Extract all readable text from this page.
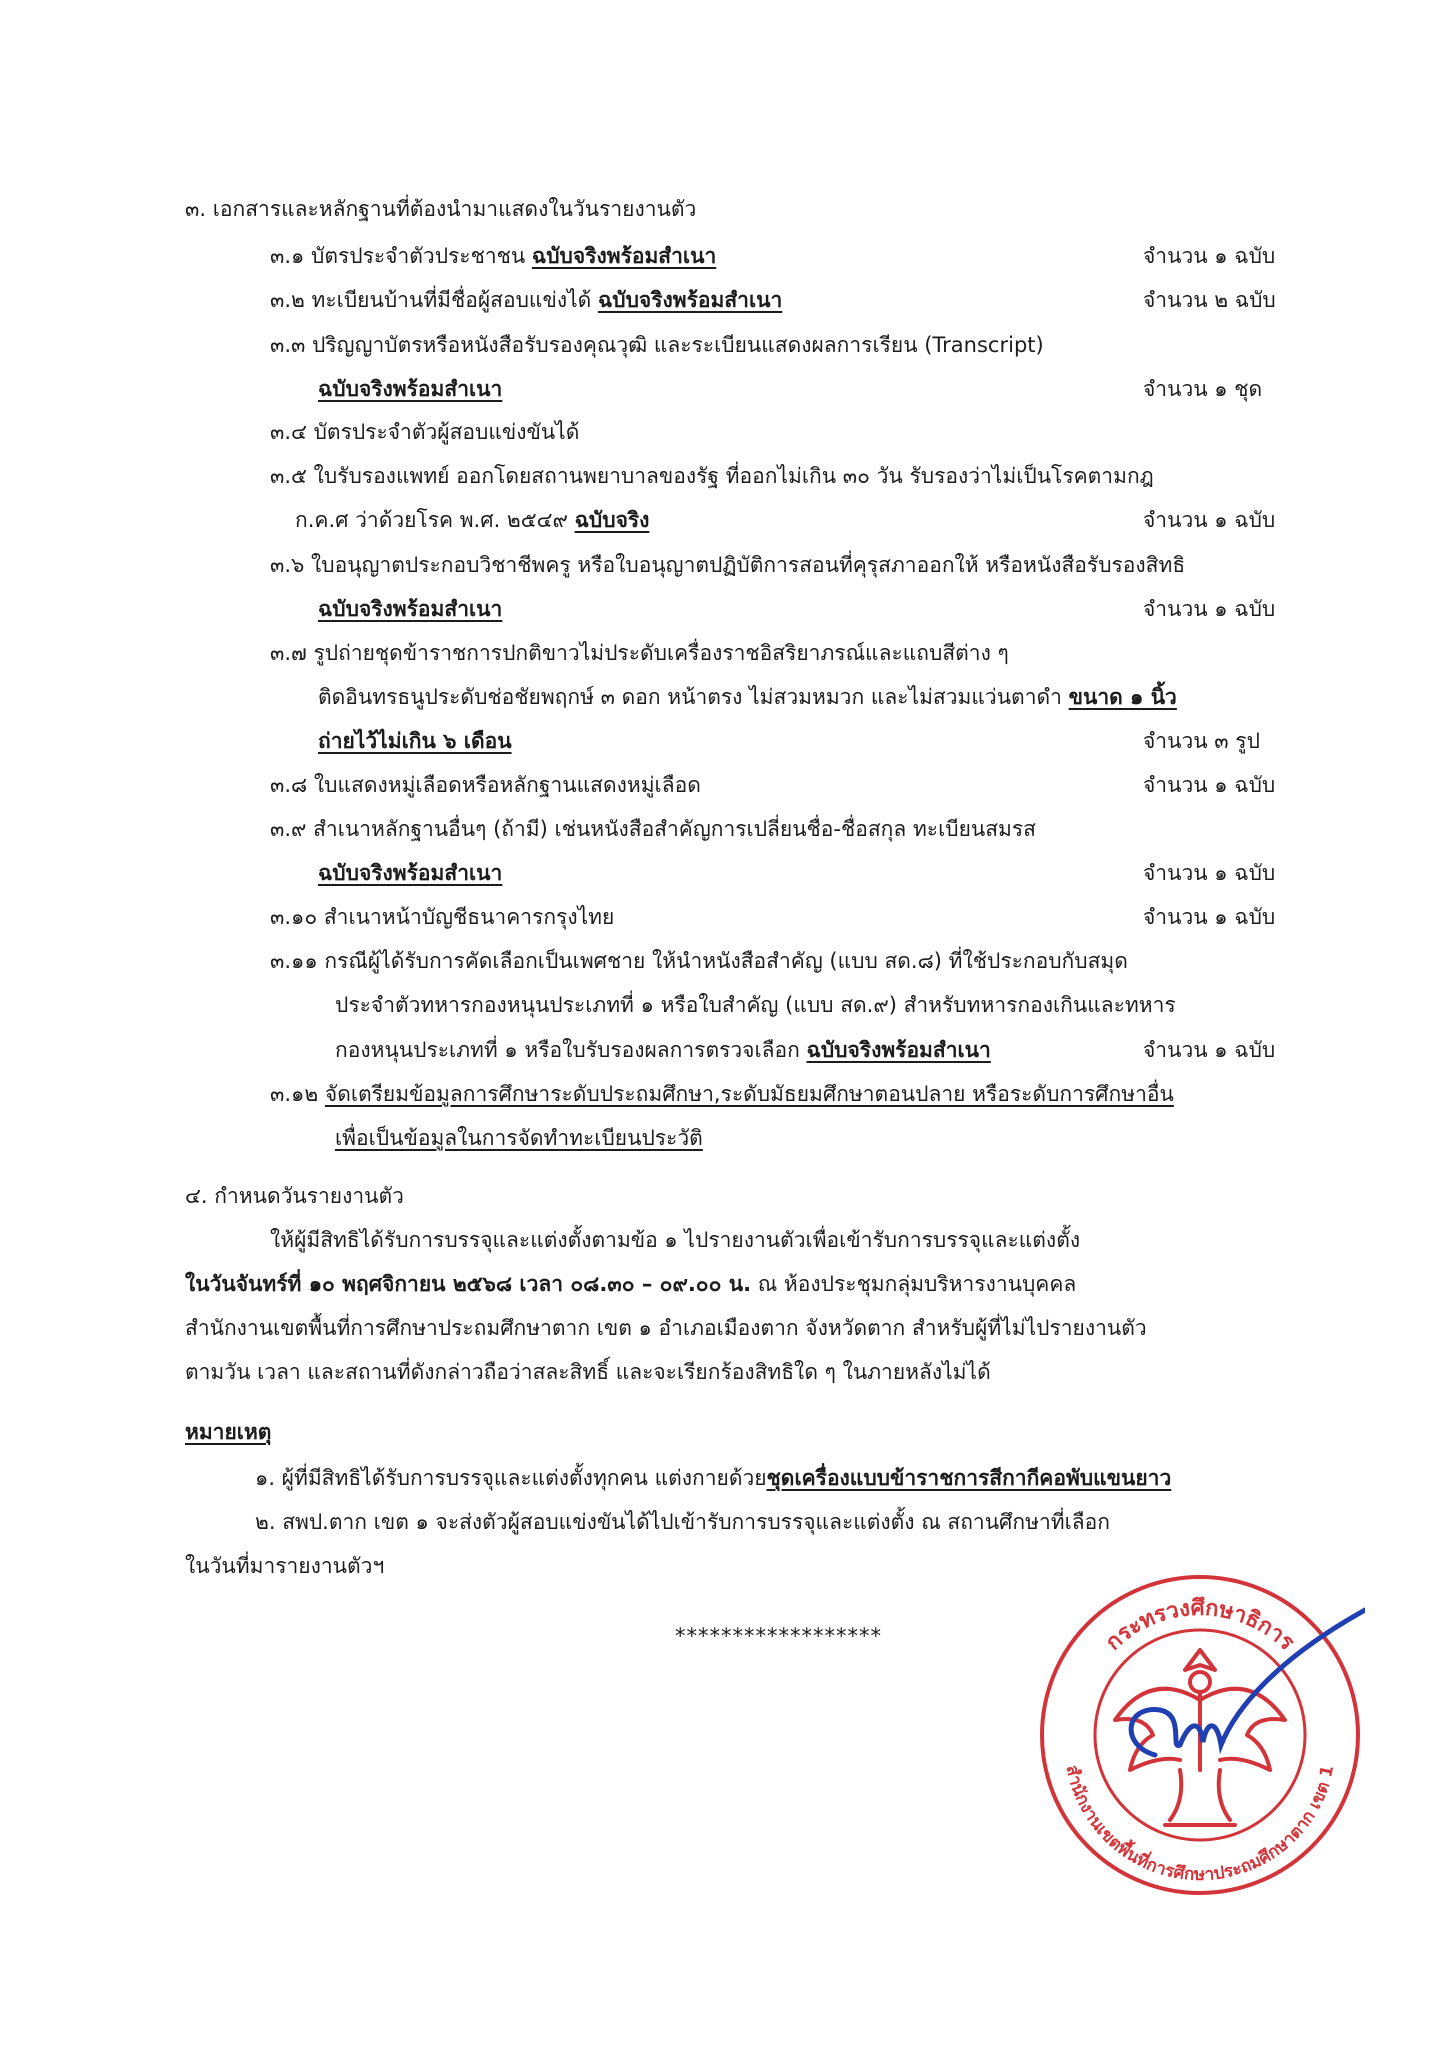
๓. เอกสารและหลักฐานที่ต้องนำมาแสดงในวันรายงานตัว
๓.๑ บัตรประจำตัวประชาชน ฉบับจริงพร้อมสำเนา	จำนวน ๑ ฉบับ
๓.๒ ทะเบียนบ้านที่มีชื่อผู้สอบแข่งได้ ฉบับจริงพร้อมสำเนา	จำนวน ๒ ฉบับ
๓.๓ ปริญญาบัตรหรือหนังสือรับรองคุณวุฒิ และระเบียนแสดงผลการเรียน (Transcript)
ฉบับจริงพร้อมสำเนา	จำนวน ๑ ชุด
๓.๔ บัตรประจำตัวผู้สอบแข่งขันได้
๓.๕ ใบรับรองแพทย์ ออกโดยสถานพยาบาลของรัฐ ที่ออกไม่เกิน ๓๐ วัน รับรองว่าไม่เป็นโรคตามกฎ
ก.ค.ศ ว่าด้วยโรค พ.ศ. ๒๕๔๙ ฉบับจริง	จำนวน ๑ ฉบับ
๓.๖ ใบอนุญาตประกอบวิชาชีพครู หรือใบอนุญาตปฏิบัติการสอนที่คุรุสภาออกให้ หรือหนังสือรับรองสิทธิ
ฉบับจริงพร้อมสำเนา	จำนวน ๑ ฉบับ
๓.๗ รูปถ่ายชุดข้าราชการปกติขาวไม่ประดับเครื่องราชอิสริยาภรณ์และแถบสีต่าง ๆ
ติดอินทรธนูประดับช่อชัยพฤกษ์ ๓ ดอก หน้าตรง ไม่สวมหมวก และไม่สวมแว่นตาดำ ขนาด ๑ นิ้ว
ถ่ายไว้ไม่เกิน ๖ เดือน	จำนวน ๓ รูป
๓.๘ ใบแสดงหมู่เลือดหรือหลักฐานแสดงหมู่เลือด	จำนวน ๑ ฉบับ
๓.๙ สำเนาหลักฐานอื่นๆ (ถ้ามี) เช่นหนังสือสำคัญการเปลี่ยนชื่อ-ชื่อสกุล ทะเบียนสมรส
ฉบับจริงพร้อมสำเนา	จำนวน ๑ ฉบับ
๓.๑๐ สำเนาหน้าบัญชีธนาคารกรุงไทย	จำนวน ๑ ฉบับ
๓.๑๑ กรณีผู้ได้รับการคัดเลือกเป็นเพศชาย ให้นำหนังสือสำคัญ (แบบ สด.๘) ที่ใช้ประกอบกับสมุด
ประจำตัวทหารกองหนุนประเภทที่ ๑ หรือใบสำคัญ (แบบ สด.๙) สำหรับทหารกองเกินและทหาร
กองหนุนประเภทที่ ๑ หรือใบรับรองผลการตรวจเลือก ฉบับจริงพร้อมสำเนา	จำนวน ๑ ฉบับ
๓.๑๒ จัดเตรียมข้อมูลการศึกษาระดับประถมศึกษา,ระดับมัธยมศึกษาตอนปลาย หรือระดับการศึกษาอื่น
เพื่อเป็นข้อมูลในการจัดทำทะเบียนประวัติ
๔. กำหนดวันรายงานตัว
ให้ผู้มีสิทธิได้รับการบรรจุและแต่งตั้งตามข้อ ๑ ไปรายงานตัวเพื่อเข้ารับการบรรจุและแต่งตั้ง
ในวันจันทร์ที่ ๑๐ พฤศจิกายน ๒๕๖๘ เวลา ๐๘.๓๐ – ๐๙.๐๐ น. ณ ห้องประชุมกลุ่มบริหารงานบุคคล
สำนักงานเขตพื้นที่การศึกษาประถมศึกษาตาก เขต ๑ อำเภอเมืองตาก จังหวัดตาก สำหรับผู้ที่ไม่ไปรายงานตัว
ตามวัน เวลา และสถานที่ดังกล่าวถือว่าสละสิทธิ์ และจะเรียกร้องสิทธิใด ๆ ในภายหลังไม่ได้
หมายเหตุ
๑. ผู้ที่มีสิทธิได้รับการบรรจุและแต่งตั้งทุกคน แต่งกายด้วยชุดเครื่องแบบข้าราชการสีกากีคอพับแขนยาว
๒. สพป.ตาก เขต ๑ จะส่งตัวผู้สอบแข่งขันได้ไปเข้ารับการบรรจุและแต่งตั้ง ณ สถานศึกษาที่เลือก
ในวันที่มารายงานตัวฯ
******************	กระทรวงศึกษาธิการ
สำนักงานเขตพื้นที่การศึกษาประถมศึกษาตาก เขต 1
